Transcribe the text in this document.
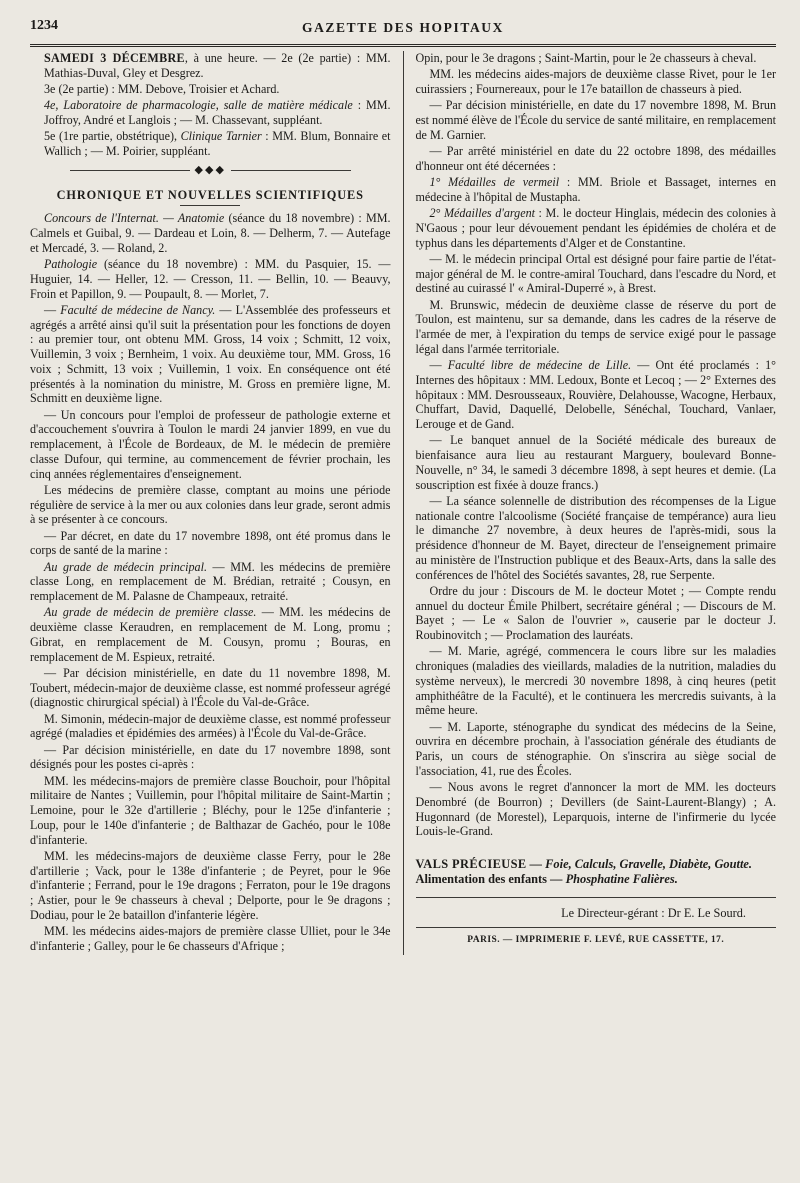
1234	GAZETTE DES HOPITAUX

SAMEDI 3 DÉCEMBRE, à une heure. — 2e (2e partie) : MM. Mathias-Duval, Gley et Desgrez.

3e (2e partie) : MM. Debove, Troisier et Achard.

4e, Laboratoire de pharmacologie, salle de matière médicale : MM. Joffroy, André et Langlois ; — M. Chassevant, suppléant.

5e (1re partie, obstétrique), Clinique Tarnier : MM. Blum, Bonnaire et Wallich ; — M. Poirier, suppléant.

◆◆◆
CHRONIQUE ET NOUVELLES SCIENTIFIQUES

Concours de l'Internat. — Anatomie (séance du 18 novembre) : MM. Calmels et Guibal, 9. — Dardeau et Loin, 8. — Delherm, 7. — Autefage et Mercadé, 3. — Roland, 2.

Pathologie (séance du 18 novembre) : MM. du Pasquier, 15. — Huguier, 14. — Heller, 12. — Cresson, 11. — Bellin, 10. — Beauvy, Froin et Papillon, 9. — Poupault, 8. — Morlet, 7.

— Faculté de médecine de Nancy. — L'Assemblée des professeurs et agrégés a arrêté ainsi qu'il suit la présentation pour les fonctions de doyen : au premier tour, ont obtenu MM. Gross, 14 voix ; Schmitt, 12 voix, Vuillemin, 3 voix ; Bernheim, 1 voix. Au deuxième tour, MM. Gross, 16 voix ; Schmitt, 13 voix ; Vuillemin, 1 voix. En conséquence ont été présentés à la nomination du ministre, M. Gross en première ligne, M. Schmitt en deuxième ligne.

— Un concours pour l'emploi de professeur de pathologie externe et d'accouchement s'ouvrira à Toulon le mardi 24 janvier 1899, en vue du remplacement, à l'École de Bordeaux, de M. le médecin de première classe Dufour, qui termine, au commencement de février prochain, les cinq années réglementaires d'enseignement.

Les médecins de première classe, comptant au moins une période régulière de service à la mer ou aux colonies dans leur grade, seront admis à se présenter à ce concours.

— Par décret, en date du 17 novembre 1898, ont été promus dans le corps de santé de la marine :

Au grade de médecin principal. — MM. les médecins de première classe Long, en remplacement de M. Brédian, retraité ; Cousyn, en remplacement de M. Palasne de Champeaux, retraité.

Au grade de médecin de première classe. — MM. les médecins de deuxième classe Keraudren, en remplacement de M. Long, promu ; Gibrat, en remplacement de M. Cousyn, promu ; Bouras, en remplacement de M. Espieux, retraité.

— Par décision ministérielle, en date du 11 novembre 1898, M. Toubert, médecin-major de deuxième classe, est nommé professeur agrégé (diagnostic chirurgical spécial) à l'École du Val-de-Grâce.

M. Simonin, médecin-major de deuxième classe, est nommé professeur agrégé (maladies et épidémies des armées) à l'École du Val-de-Grâce.

— Par décision ministérielle, en date du 17 novembre 1898, sont désignés pour les postes ci-après :

MM. les médecins-majors de première classe Bouchoir, pour l'hôpital militaire de Nantes ; Vuillemin, pour l'hôpital militaire de Saint-Martin ; Lemoine, pour le 32e d'artillerie ; Bléchy, pour le 125e d'infanterie ; Loup, pour le 140e d'infanterie ; de Balthazar de Gachéo, pour le 108e d'infanterie.

MM. les médecins-majors de deuxième classe Ferry, pour le 28e d'artillerie ; Vack, pour le 138e d'infanterie ; de Peyret, pour le 96e d'infanterie ; Ferrand, pour le 19e dragons ; Ferraton, pour le 19e dragons ; Astier, pour le 9e chasseurs à cheval ; Delporte, pour le 9e dragons ; Dodiau, pour le 2e bataillon d'infanterie légère.

MM. les médecins aides-majors de première classe Ulliet, pour le 34e d'infanterie ; Galley, pour le 6e chasseurs d'Afrique ;

Opin, pour le 3e dragons ; Saint-Martin, pour le 2e chasseurs à cheval.

MM. les médecins aides-majors de deuxième classe Rivet, pour le 1er cuirassiers ; Fournereaux, pour le 17e bataillon de chasseurs à pied.

— Par décision ministérielle, en date du 17 novembre 1898, M. Brun est nommé élève de l'École du service de santé militaire, en remplacement de M. Garnier.

— Par arrêté ministériel en date du 22 octobre 1898, des médailles d'honneur ont été décernées :

1° Médailles de vermeil : MM. Briole et Bassaget, internes en médecine à l'hôpital de Mustapha.

2° Médailles d'argent : M. le docteur Hinglais, médecin des colonies à N'Gaous ; pour leur dévouement pendant les épidémies de choléra et de typhus dans les départements d'Alger et de Constantine.

— M. le médecin principal Ortal est désigné pour faire partie de l'état-major général de M. le contre-amiral Touchard, dans l'escadre du Nord, et destiné au cuirassé l' « Amiral-Duperré », à Brest.

M. Brunswic, médecin de deuxième classe de réserve du port de Toulon, est maintenu, sur sa demande, dans les cadres de la réserve de l'armée de mer, à l'expiration du temps de service exigé pour le passage légal dans l'armée territoriale.

— Faculté libre de médecine de Lille. — Ont été proclamés : 1° Internes des hôpitaux : MM. Ledoux, Bonte et Lecoq ; — 2° Externes des hôpitaux : MM. Desrousseaux, Rouvière, Delahousse, Wacogne, Herbaux, Chuffart, David, Daquellé, Delobelle, Sénéchal, Touchard, Vanlaer, Lerouge et de Gand.

— Le banquet annuel de la Société médicale des bureaux de bienfaisance aura lieu au restaurant Marguery, boulevard Bonne-Nouvelle, n° 34, le samedi 3 décembre 1898, à sept heures et demie. (La souscription est fixée à douze francs.)

— La séance solennelle de distribution des récompenses de la Ligue nationale contre l'alcoolisme (Société française de tempérance) aura lieu le dimanche 27 novembre, à deux heures de l'après-midi, sous la présidence d'honneur de M. Bayet, directeur de l'enseignement primaire au ministère de l'Instruction publique et des Beaux-Arts, dans la salle des conférences de l'hôtel des Sociétés savantes, 28, rue Serpente.

Ordre du jour : Discours de M. le docteur Motet ; — Compte rendu annuel du docteur Émile Philbert, secrétaire général ; — Discours de M. Bayet ; — Le « Salon de l'ouvrier », causerie par le docteur J. Roubinovitch ; — Proclamation des lauréats.

— M. Marie, agrégé, commencera le cours libre sur les maladies chroniques (maladies des vieillards, maladies de la nutrition, maladies du système nerveux), le mercredi 30 novembre 1898, à cinq heures (petit amphithéâtre de la Faculté), et le continuera les mercredis suivants, à la même heure.

— M. Laporte, sténographe du syndicat des médecins de la Seine, ouvrira en décembre prochain, à l'association générale des étudiants de Paris, un cours de sténographie. On s'inscrira au siège social de l'association, 41, rue des Écoles.

— Nous avons le regret d'annoncer la mort de MM. les docteurs Denombré (de Bourron) ; Devillers (de Saint-Laurent-Blangy) ; A. Hugonnard (de Morestel), Leparquois, interne de l'infirmerie du lycée Louis-le-Grand.

VALS PRÉCIEUSE — Foie, Calculs, Gravelle, Diabète, Goutte.
Alimentation des enfants — Phosphatine Falières.

Le Directeur-gérant : Dr E. Le Sourd.

PARIS. — IMPRIMERIE F. LEVÉ, RUE CASSETTE, 17.
